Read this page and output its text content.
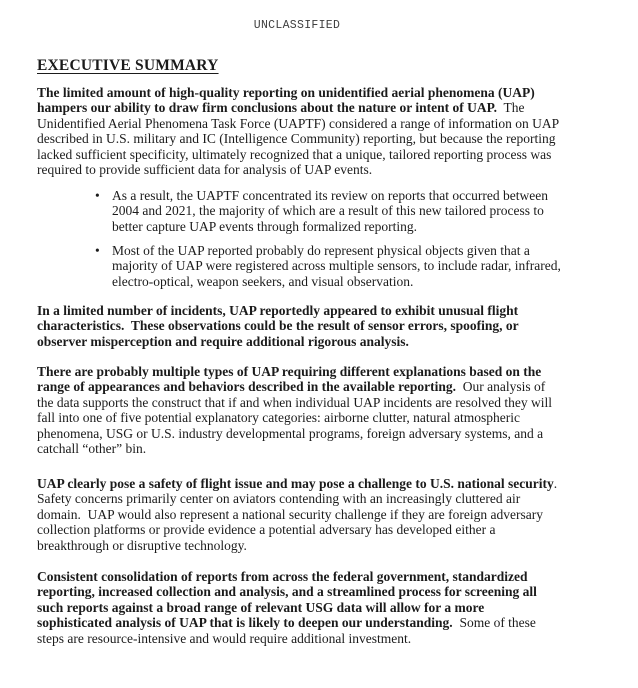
UNCLASSIFIED
EXECUTIVE SUMMARY
The limited amount of high-quality reporting on unidentified aerial phenomena (UAP)
hampers our ability to draw firm conclusions about the nature or intent of UAP.  The
Unidentified Aerial Phenomena Task Force (UAPTF) considered a range of information on UAP
described in U.S. military and IC (Intelligence Community) reporting, but because the reporting
lacked sufficient specificity, ultimately recognized that a unique, tailored reporting process was
required to provide sufficient data for analysis of UAP events.
• As a result, the UAPTF concentrated its review on reports that occurred between
2004 and 2021, the majority of which are a result of this new tailored process to
better capture UAP events through formalized reporting.
• Most of the UAP reported probably do represent physical objects given that a
majority of UAP were registered across multiple sensors, to include radar, infrared,
electro-optical, weapon seekers, and visual observation.
In a limited number of incidents, UAP reportedly appeared to exhibit unusual flight
characteristics.  These observations could be the result of sensor errors, spoofing, or
observer misperception and require additional rigorous analysis.
There are probably multiple types of UAP requiring different explanations based on the
range of appearances and behaviors described in the available reporting.  Our analysis of
the data supports the construct that if and when individual UAP incidents are resolved they will
fall into one of five potential explanatory categories: airborne clutter, natural atmospheric
phenomena, USG or U.S. industry developmental programs, foreign adversary systems, and a
catchall “other” bin.
UAP clearly pose a safety of flight issue and may pose a challenge to U.S. national security.
Safety concerns primarily center on aviators contending with an increasingly cluttered air
domain.  UAP would also represent a national security challenge if they are foreign adversary
collection platforms or provide evidence a potential adversary has developed either a
breakthrough or disruptive technology.
Consistent consolidation of reports from across the federal government, standardized
reporting, increased collection and analysis, and a streamlined process for screening all
such reports against a broad range of relevant USG data will allow for a more
sophisticated analysis of UAP that is likely to deepen our understanding.  Some of these
steps are resource-intensive and would require additional investment.
